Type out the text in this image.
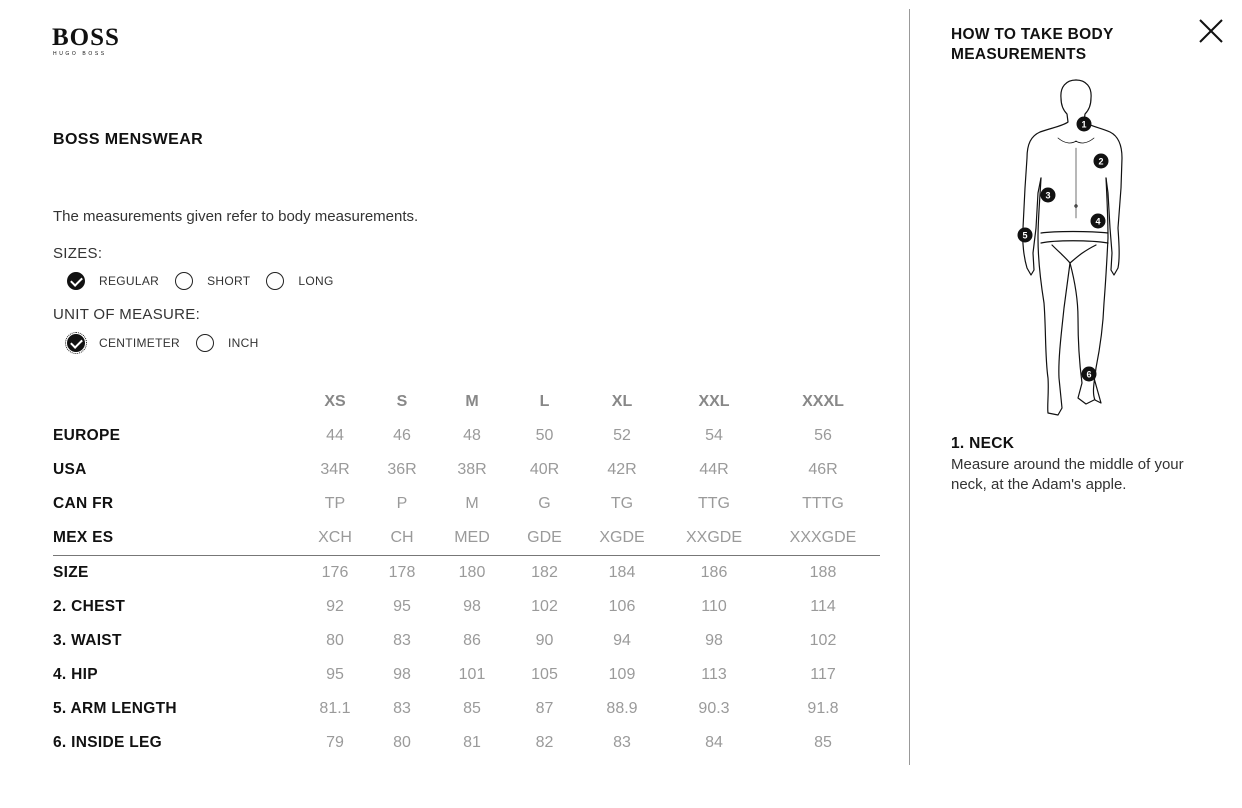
BOSS
HUGO BOSS
BOSS MENSWEAR
The measurements given refer to body measurements.
SIZES:
REGULAR	SHORT	LONG
UNIT OF MEASURE:
CENTIMETER	INCH
	XS	S	M	L	XL	XXL	XXXL
EUROPE	44	46	48	50	52	54	56
USA	34R	36R	38R	40R	42R	44R	46R
CAN FR	TP	P	M	G	TG	TTG	TTTG
MEX ES	XCH	CH	MED	GDE	XGDE	XXGDE	XXXGDE
SIZE	176	178	180	182	184	186	188
2. CHEST	92	95	98	102	106	110	114
3. WAIST	80	83	86	90	94	98	102
4. HIP	95	98	101	105	109	113	117
5. ARM LENGTH	81.1	83	85	87	88.9	90.3	91.8
6. INSIDE LEG	79	80	81	82	83	84	85
HOW TO TAKE BODY MEASUREMENTS
1
2
3
4
5
6
1. NECK
Measure around the middle of your neck, at the Adam's apple.
